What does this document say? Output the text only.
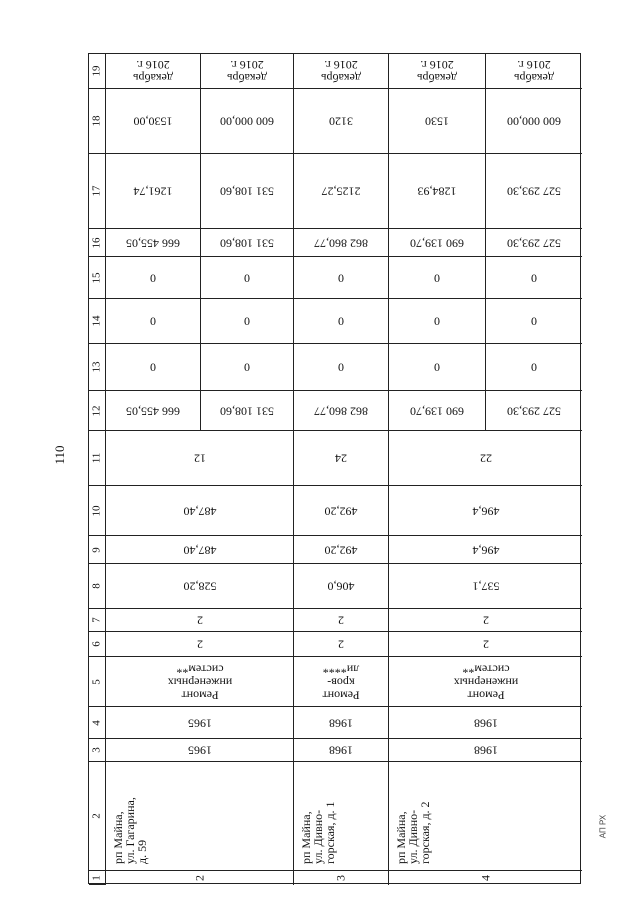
110
АП РХ
1
2
3
4
5
6
7
8
9
10
11
12
13
14
15
16
17
18
19
2
рп Майна,
ул. Гагарина,
д. 59
1965
1965
Ремонт инженерных систем**
2
2
528,20
487,40
487,40
12
3
рп Майна,
ул. Дивно-
горская, д. 1
1968
1968
Ремонт кров-
ли****
2
2
406,0
492,20
492,20
24
4
рп Майна,
ул. Дивно-
горская, д. 2
1968
1968
Ремонт инженерных систем**
2
2
537,1
496,4
496,4
22
666 455,05
0
0
0
666 455,05
1261,74
1530,00
декабрь
2016 г.
531 108,60
0
0
0
531 108,60
531 108,60
600 000,00
декабрь
2016 г.
862 860,77
0
0
0
862 860,77
2125,27
3120
декабрь
2016 г.
690 139,70
0
0
0
690 139,70
1284,93
1530
декабрь
2016 г.
527 293,30
0
0
0
527 293,30
527 293,30
600 000,00
декабрь
2016 г.
